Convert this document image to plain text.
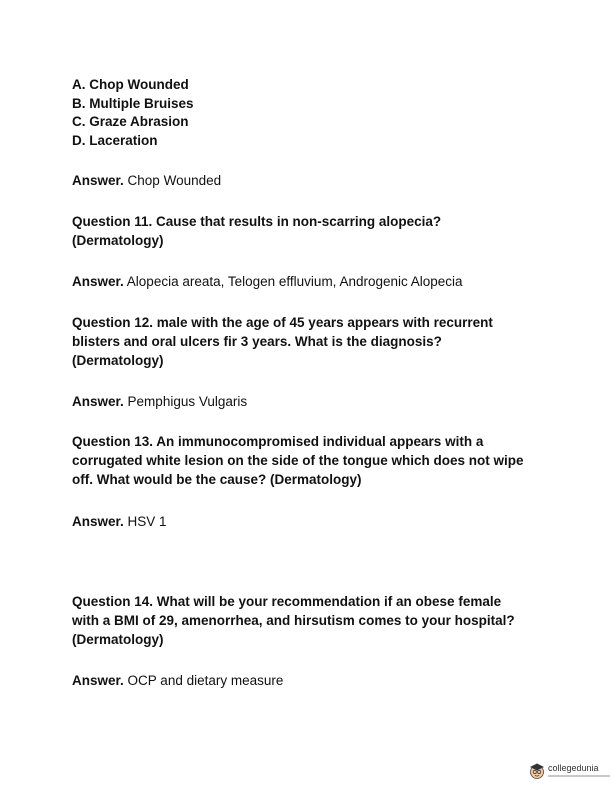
A. Chop Wounded
B. Multiple Bruises
C. Graze Abrasion
D. Laceration
Answer. Chop Wounded
Question 11. Cause that results in non-scarring alopecia?
(Dermatology)
Answer. Alopecia areata, Telogen effluvium, Androgenic Alopecia
Question 12. male with the age of 45 years appears with recurrent
blisters and oral ulcers fir 3 years. What is the diagnosis?
(Dermatology)
Answer. Pemphigus Vulgaris
Question 13. An immunocompromised individual appears with a
corrugated white lesion on the side of the tongue which does not wipe
off. What would be the cause? (Dermatology)
Answer. HSV 1
Question 14. What will be your recommendation if an obese female
with a BMI of 29, amenorrhea, and hirsutism comes to your hospital?
(Dermatology)
Answer. OCP and dietary measure
collegedunia
